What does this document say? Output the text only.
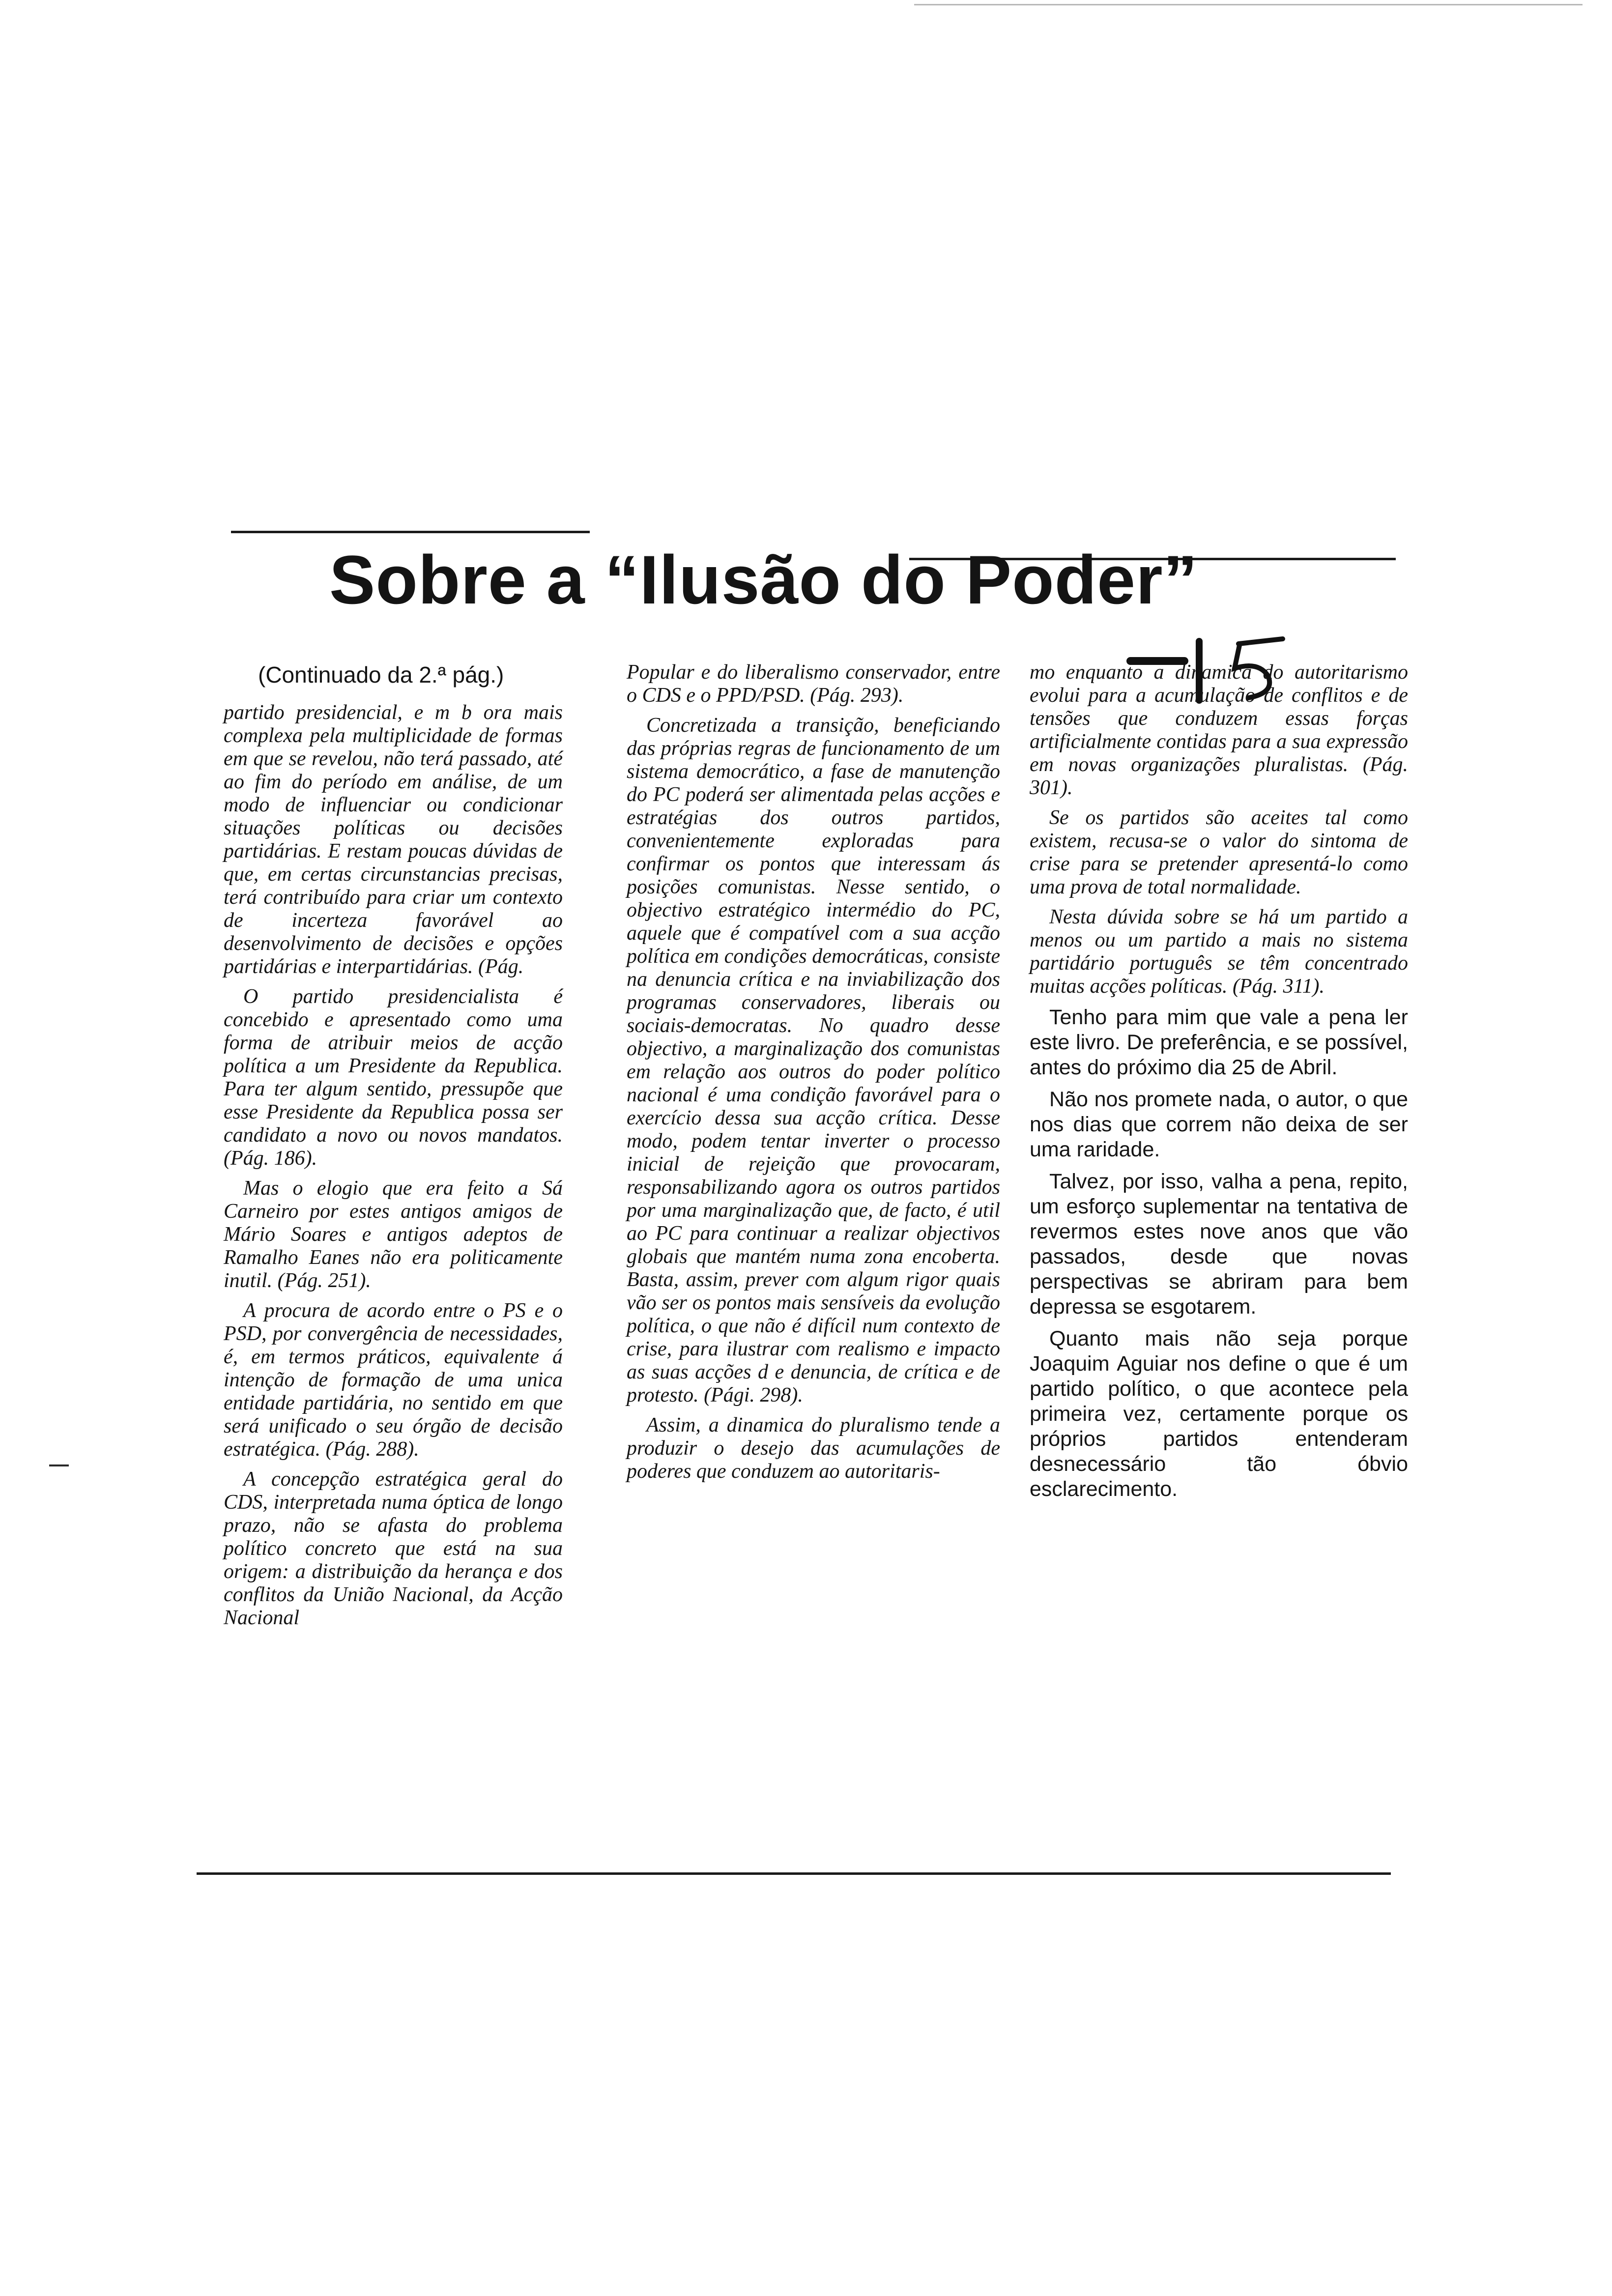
Sobre a “Ilusão do Poder”
(Continuado da 2.ª pág.)

partido presidencial, e m b ora mais complexa pela multiplicidade de formas em que se revelou, não terá passado, até ao fim do período em análise, de um modo de influenciar ou condicionar situações políticas ou decisões partidárias. E restam poucas dúvidas de que, em certas circunstancias precisas, terá contribuído para criar um contexto de incerteza favorável ao desenvolvimento de decisões e opções partidárias e interpartidárias. (Pág.

O partido presidencialista é concebido e apresentado como uma forma de atribuir meios de acção política a um Presidente da Republica. Para ter algum sentido, pressupõe que esse Presidente da Republica possa ser candidato a novo ou novos mandatos. (Pág. 186).

Mas o elogio que era feito a Sá Carneiro por estes antigos amigos de Mário Soares e antigos adeptos de Ramalho Eanes não era politicamente inutil. (Pág. 251).

A procura de acordo entre o PS e o PSD, por convergência de necessidades, é, em termos práticos, equivalente á intenção de formação de uma unica entidade partidária, no sentido em que será unificado o seu órgão de decisão estratégica. (Pág. 288).

A concepção estratégica geral do CDS, interpretada numa óptica de longo prazo, não se afasta do problema político concreto que está na sua origem: a distribuição da herança e dos conflitos da União Nacional, da Acção Nacional

Popular e do liberalismo conservador, entre o CDS e o PPD/PSD. (Pág. 293).

Concretizada a transição, beneficiando das próprias regras de funcionamento de um sistema democrático, a fase de manutenção do PC poderá ser alimentada pelas acções e estratégias dos outros partidos, convenientemente exploradas para confirmar os pontos que interessam ás posições comunistas. Nesse sentido, o objectivo estratégico intermédio do PC, aquele que é compatível com a sua acção política em condições democráticas, consiste na denuncia crítica e na inviabilização dos programas conservadores, liberais ou sociais-democratas. No quadro desse objectivo, a marginalização dos comunistas em relação aos outros do poder político nacional é uma condição favorável para o exercício dessa sua acção crítica. Desse modo, podem tentar inverter o processo inicial de rejeição que provocaram, responsabilizando agora os outros partidos por uma marginalização que, de facto, é util ao PC para continuar a realizar objectivos globais que mantém numa zona encoberta. Basta, assim, prever com algum rigor quais vão ser os pontos mais sensíveis da evolução política, o que não é difícil num contexto de crise, para ilustrar com realismo e impacto as suas acções d e denuncia, de crítica e de protesto. (Pági. 298).

Assim, a dinamica do pluralismo tende a produzir o desejo das acumulações de poderes que conduzem ao autoritaris-

mo enquanto a dinamica do autoritarismo evolui para a acumulação de conflitos e de tensões que conduzem essas forças artificialmente contidas para a sua expressão em novas organizações pluralistas. (Pág. 301).

Se os partidos são aceites tal como existem, recusa-se o valor do sintoma de crise para se pretender apresentá-lo como uma prova de total normalidade.

Nesta dúvida sobre se há um partido a menos ou um partido a mais no sistema partidário português se têm concentrado muitas acções políticas. (Pág. 311).

Tenho para mim que vale a pena ler este livro. De preferência, e se possível, antes do próximo dia 25 de Abril.

Não nos promete nada, o autor, o que nos dias que correm não deixa de ser uma raridade.

Talvez, por isso, valha a pena, repito, um esforço suplementar na tentativa de revermos estes nove anos que vão passados, desde que novas perspectivas se abriram para bem depressa se esgotarem.

Quanto mais não seja porque Joaquim Aguiar nos define o que é um partido político, o que acontece pela primeira vez, certamente porque os próprios partidos entenderam desnecessário tão óbvio esclarecimento.
